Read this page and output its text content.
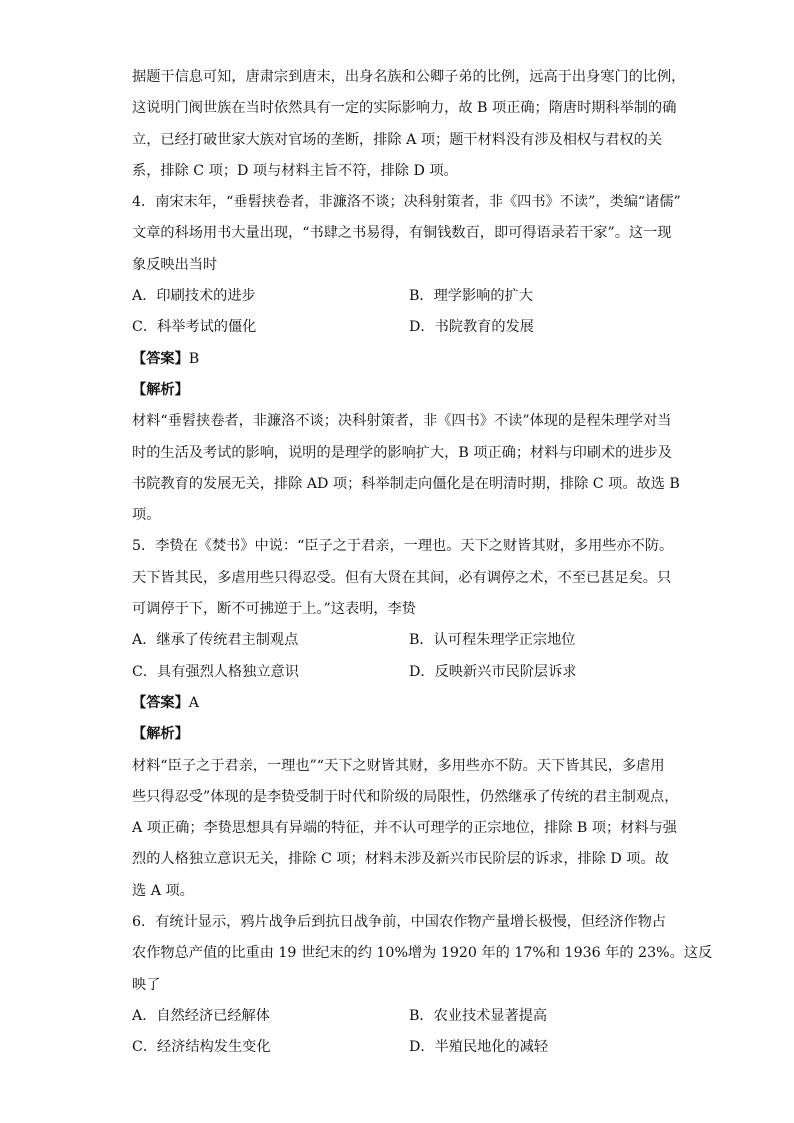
据题干信息可知，唐肃宗到唐末，出身名族和公卿子弟的比例，远高于出身寒门的比例，
这说明门阀世族在当时依然具有一定的实际影响力，故 B 项正确；隋唐时期科举制的确
立，已经打破世家大族对官场的垄断，排除 A 项；题干材料没有涉及相权与君权的关
系，排除 C 项；D 项与材料主旨不符，排除 D 项。
4．南宋末年，“垂髫挟卷者，非濂洛不谈；决科射策者，非《四书》不读”，类编“诸儒”
文章的科场用书大量出现，“书肆之书易得，有铜钱数百，即可得语录若干家”。这一现
象反映出当时
A．印刷技术的进步	B．理学影响的扩大
C．科举考试的僵化	D．书院教育的发展

【答案】B

【解析】

材料“垂髫挟卷者，非濂洛不谈；决科射策者，非《四书》不读”体现的是程朱理学对当
时的生活及考试的影响，说明的是理学的影响扩大，B 项正确；材料与印刷术的进步及
书院教育的发展无关，排除 AD 项；科举制走向僵化是在明清时期，排除 C 项。故选 B
项。
5．李贽在《焚书》中说：“臣子之于君亲，一理也。天下之财皆其财，多用些亦不防。
天下皆其民，多虐用些只得忍受。但有大贤在其间，必有调停之术，不至已甚足矣。只
可调停于下，断不可拂逆于上。”这表明，李贽
A．继承了传统君主制观点	B．认可程朱理学正宗地位
C．具有强烈人格独立意识	D．反映新兴市民阶层诉求

【答案】A

【解析】

材料“臣子之于君亲，一理也”“天下之财皆其财，多用些亦不防。天下皆其民，多虐用
些只得忍受”体现的是李贽受制于时代和阶级的局限性，仍然继承了传统的君主制观点，
A 项正确；李贽思想具有异端的特征，并不认可理学的正宗地位，排除 B 项；材料与强
烈的人格独立意识无关，排除 C 项；材料未涉及新兴市民阶层的诉求，排除 D 项。故
选 A 项。
6．有统计显示，鸦片战争后到抗日战争前，中国农作物产量增长极慢，但经济作物占
农作物总产值的比重由 19 世纪末的约 10%增为 1920 年的 17%和 1936 年的 23%。这反
映了
A．自然经济已经解体	B．农业技术显著提高
C．经济结构发生变化	D．半殖民地化的减轻
